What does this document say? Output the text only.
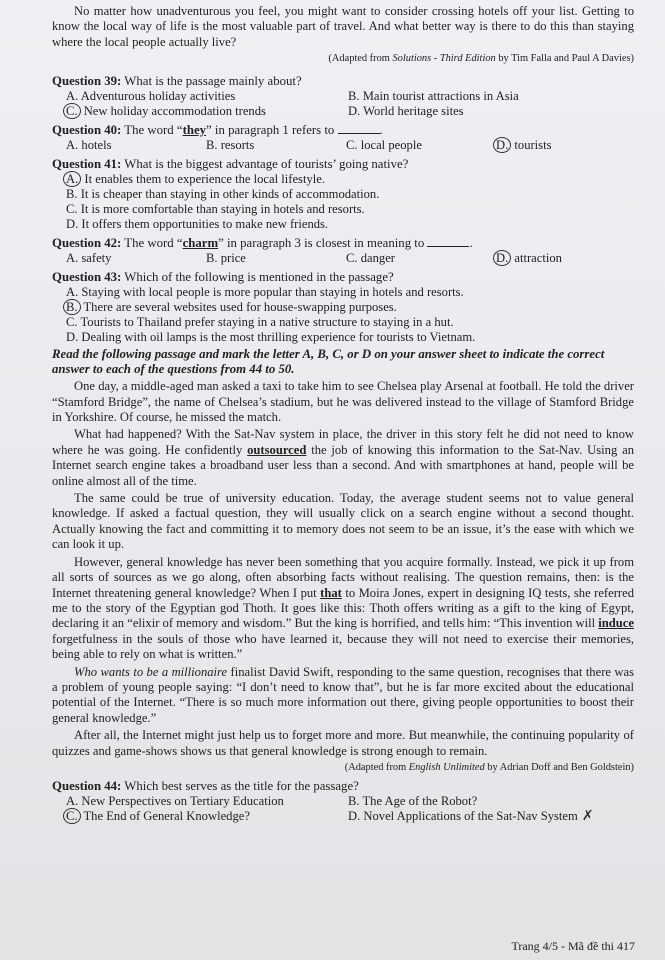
No matter how unadventurous you feel, you might want to consider crossing hotels off your list. Getting to know the local way of life is the most valuable part of travel. And what better way is there to do this than staying where the local people actually live?

(Adapted from Solutions - Third Edition by Tim Falla and Paul A Davies)

Question 39: What is the passage mainly about?
A. Adventurous holiday activities	B. Main tourist attractions in Asia
C. New holiday accommodation trends	D. World heritage sites
Question 40: The word “they” in paragraph 1 refers to	.
A. hotels	B. resorts	C. local people	D. tourists
Question 41: What is the biggest advantage of tourists’ going native?
A. It enables them to experience the local lifestyle.
B. It is cheaper than staying in other kinds of accommodation.
C. It is more comfortable than staying in hotels and resorts.
D. It offers them opportunities to make new friends.
Question 42: The word “charm” in paragraph 3 is closest in meaning to	.
A. safety	B. price	C. danger	D. attraction
Question 43: Which of the following is mentioned in the passage?
A. Staying with local people is more popular than staying in hotels and resorts.
B. There are several websites used for house-swapping purposes.
C. Tourists to Thailand prefer staying in a native structure to staying in a hut.
D. Dealing with oil lamps is the most thrilling experience for tourists to Vietnam.

Read the following passage and mark the letter A, B, C, or D on your answer sheet to indicate the correct answer to each of the questions from 44 to 50.

One day, a middle-aged man asked a taxi to take him to see Chelsea play Arsenal at football. He told the driver “Stamford Bridge”, the name of Chelsea’s stadium, but he was delivered instead to the village of Stamford Bridge in Yorkshire. Of course, he missed the match.

What had happened? With the Sat-Nav system in place, the driver in this story felt he did not need to know where he was going. He confidently outsourced the job of knowing this information to the Sat-Nav. Using an Internet search engine takes a broadband user less than a second. And with smartphones at hand, people will be online almost all of the time.

The same could be true of university education. Today, the average student seems not to value general knowledge. If asked a factual question, they will usually click on a search engine without a second thought. Actually knowing the fact and committing it to memory does not seem to be an issue, it’s the ease with which we can look it up.

However, general knowledge has never been something that you acquire formally. Instead, we pick it up from all sorts of sources as we go along, often absorbing facts without realising. The question remains, then: is the Internet threatening general knowledge? When I put that to Moira Jones, expert in designing IQ tests, she referred me to the story of the Egyptian god Thoth. It goes like this: Thoth offers writing as a gift to the king of Egypt, declaring it an “elixir of memory and wisdom.” But the king is horrified, and tells him: “This invention will induce forgetfulness in the souls of those who have learned it, because they will not need to exercise their memories, being able to rely on what is written.”

Who wants to be a millionaire finalist David Swift, responding to the same question, recognises that there was a problem of young people saying: “I don’t need to know that”, but he is far more excited about the educational potential of the Internet. “There is so much more information out there, giving people opportunities to boost their general knowledge.”

After all, the Internet might just help us to forget more and more. But meanwhile, the continuing popularity of quizzes and game-shows shows us that general knowledge is strong enough to remain.

(Adapted from English Unlimited by Adrian Doff and Ben Goldstein)

Question 44: Which best serves as the title for the passage?
A. New Perspectives on Tertiary Education	B. The Age of the Robot?
C. The End of General Knowledge?	D. Novel Applications of the Sat-Nav System ✗
Trang 4/5 - Mã đề thi 417
